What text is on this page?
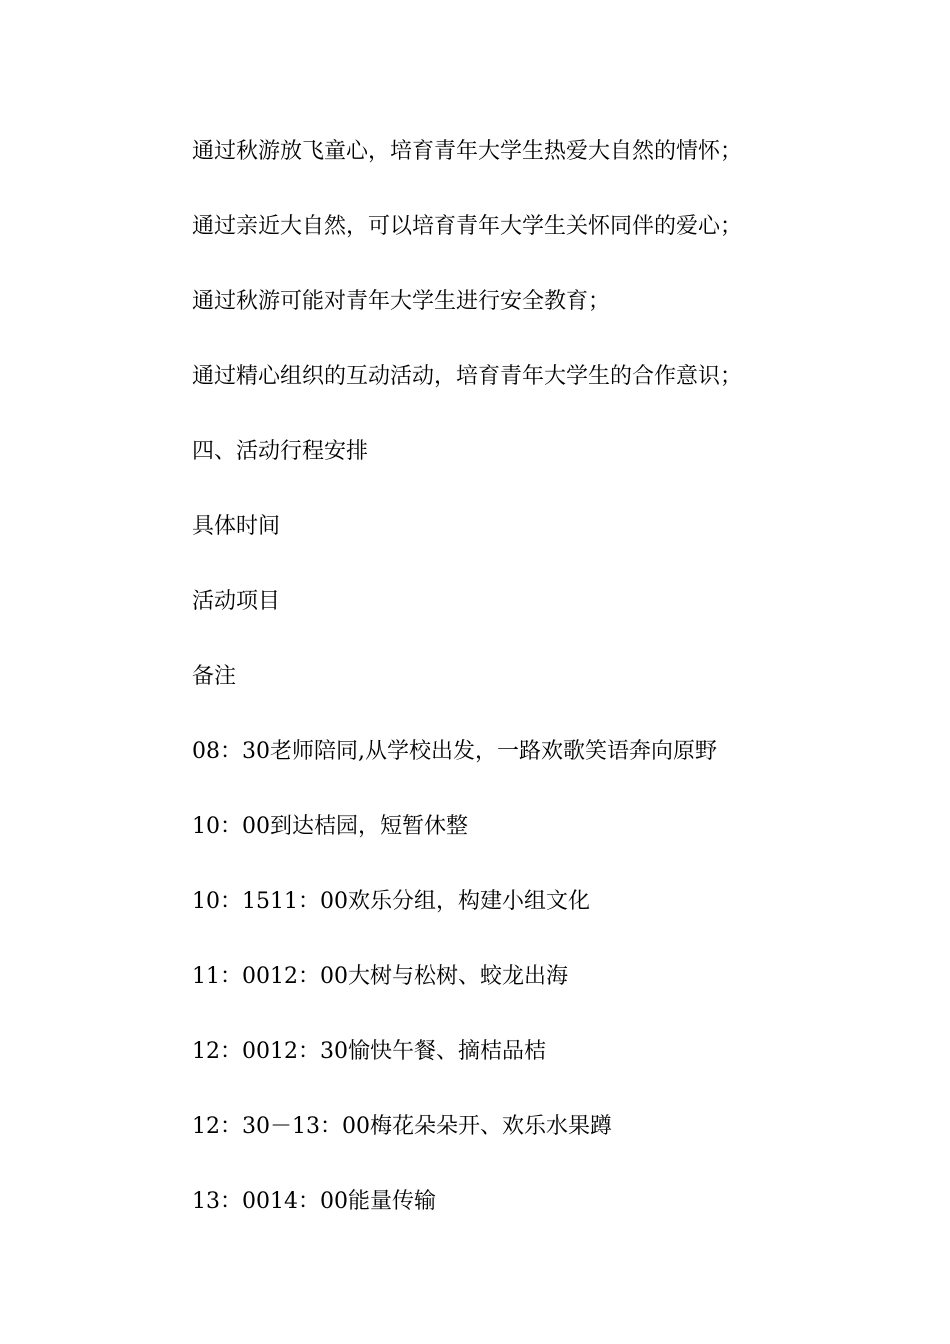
通过秋游放飞童心，培育青年大学生热爱大自然的情怀；
通过亲近大自然，可以培育青年大学生关怀同伴的爱心；
通过秋游可能对青年大学生进行安全教育；
通过精心组织的互动活动，培育青年大学生的合作意识；
四、活动行程安排
具体时间
活动项目
备注
08：30老师陪同,从学校出发，一路欢歌笑语奔向原野
10：00到达桔园，短暂休整
10：1511：00欢乐分组，构建小组文化
11：0012：00大树与松树、蛟龙出海
12：0012：30愉快午餐、摘桔品桔
12：30－13：00梅花朵朵开、欢乐水果蹲
13：0014：00能量传输
